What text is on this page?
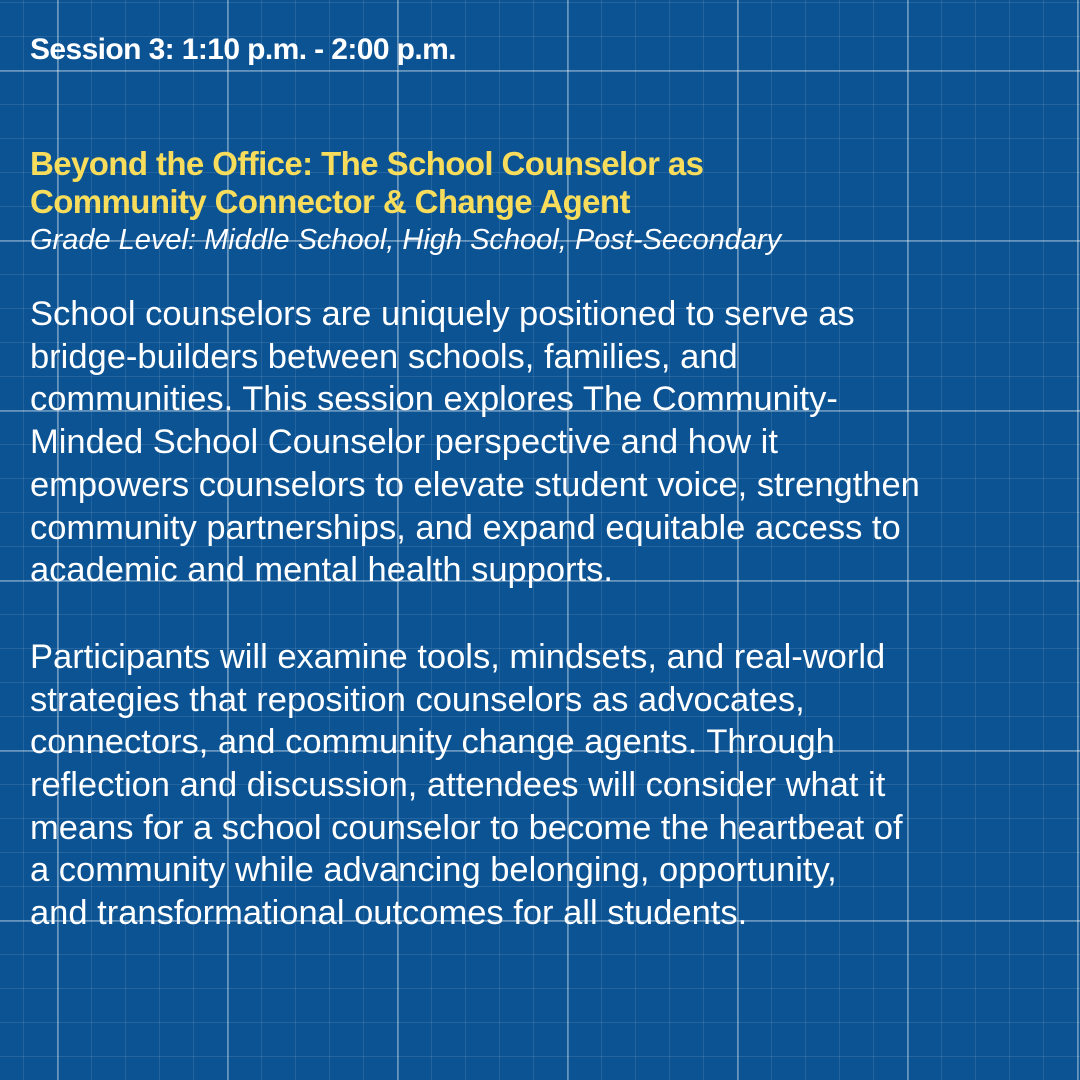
Session 3: 1:10 p.m. - 2:00 p.m.

Beyond the Office: The School Counselor as
Community Connector & Change Agent

Grade Level: Middle School, High School, Post-Secondary

School counselors are uniquely positioned to serve as
bridge-builders between schools, families, and
communities. This session explores The Community-
Minded School Counselor perspective and how it
empowers counselors to elevate student voice, strengthen
community partnerships, and expand equitable access to
academic and mental health supports.

Participants will examine tools, mindsets, and real-world
strategies that reposition counselors as advocates,
connectors, and community change agents. Through
reflection and discussion, attendees will consider what it
means for a school counselor to become the heartbeat of
a community while advancing belonging, opportunity,
and transformational outcomes for all students.
